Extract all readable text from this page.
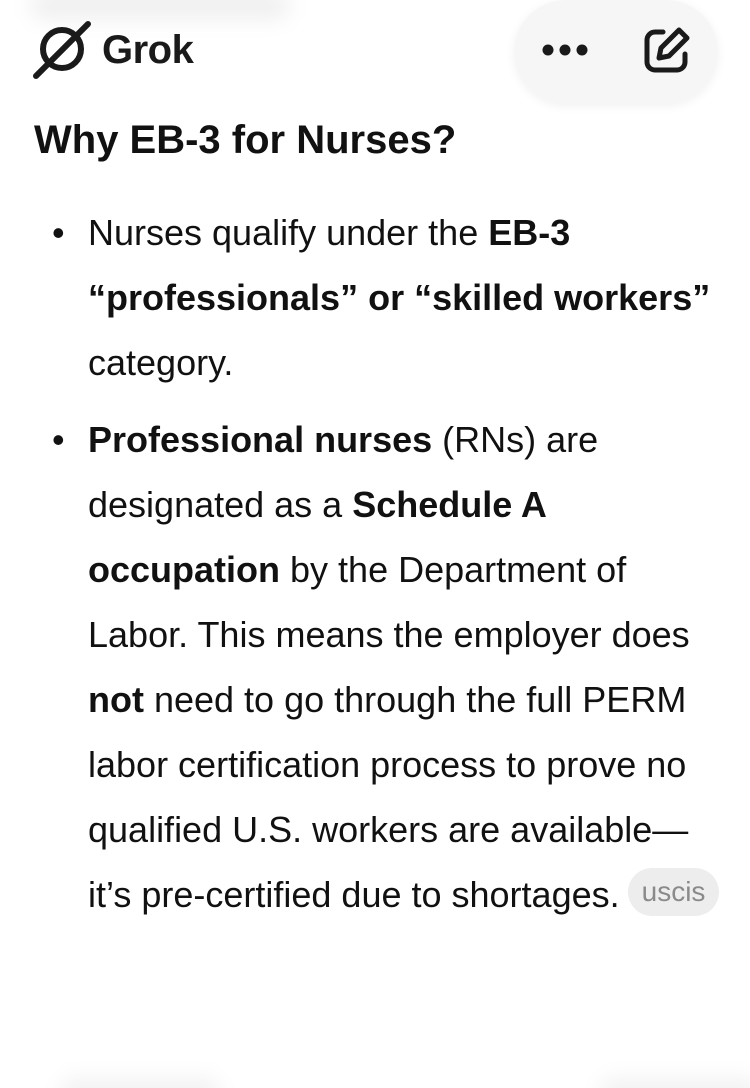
Grok
Why EB-3 for Nurses?
• Nurses qualify under the EB-3 “professionals” or “skilled workers” category.
• Professional nurses (RNs) are designated as a Schedule A occupation by the Department of Labor. This means the employer does not need to go through the full PERM labor certification process to prove no qualified U.S. workers are available—it’s pre-certified due to shortages. uscis
